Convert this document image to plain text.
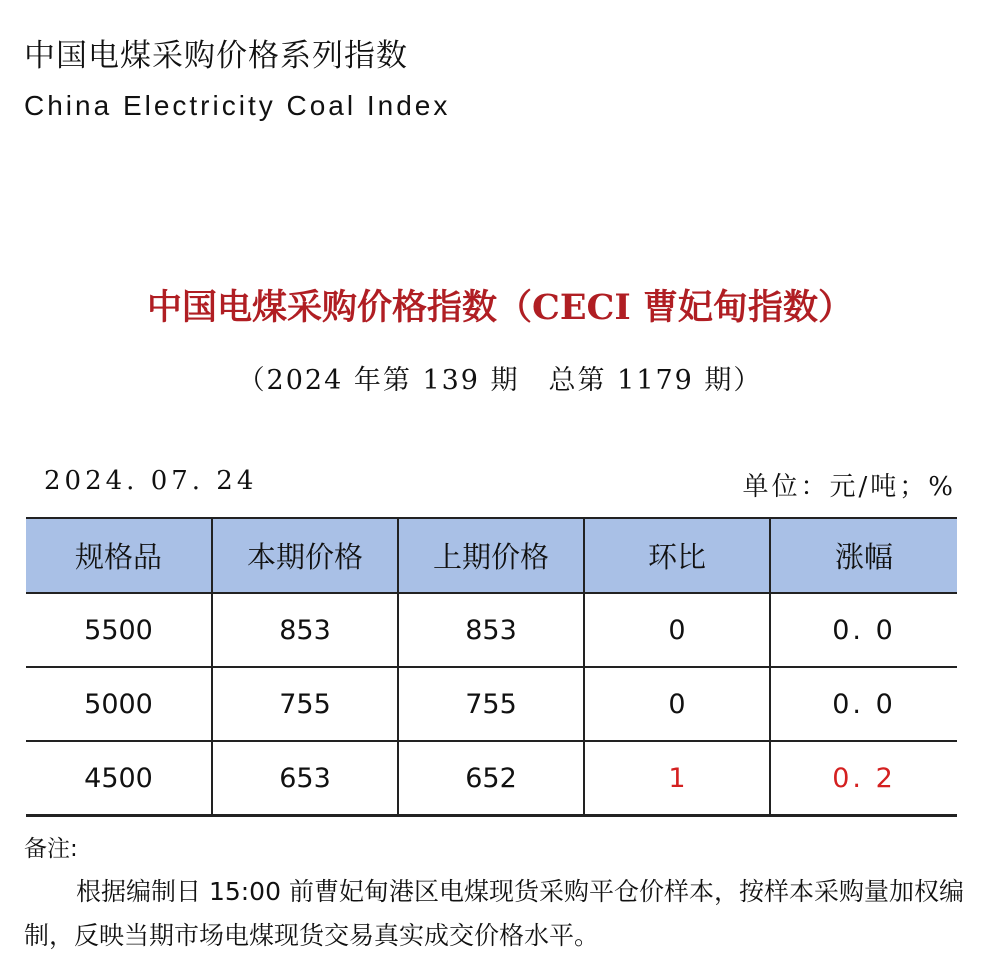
中国电煤采购价格系列指数
China Electricity Coal Index
中国电煤采购价格指数（CECI 曹妃甸指数）
（2024 年第 139 期　总第 1179 期）
2024. 07. 24	单位：元/吨；%
规格品	本期价格	上期价格	环比	涨幅
5500	853	853	0	0. 0
5000	755	755	0	0. 0
4500	653	652	1	0. 2
备注:
根据编制日 15:00 前曹妃甸港区电煤现货采购平仓价样本，按样本采购量加权编制，反映当期市场电煤现货交易真实成交价格水平。
